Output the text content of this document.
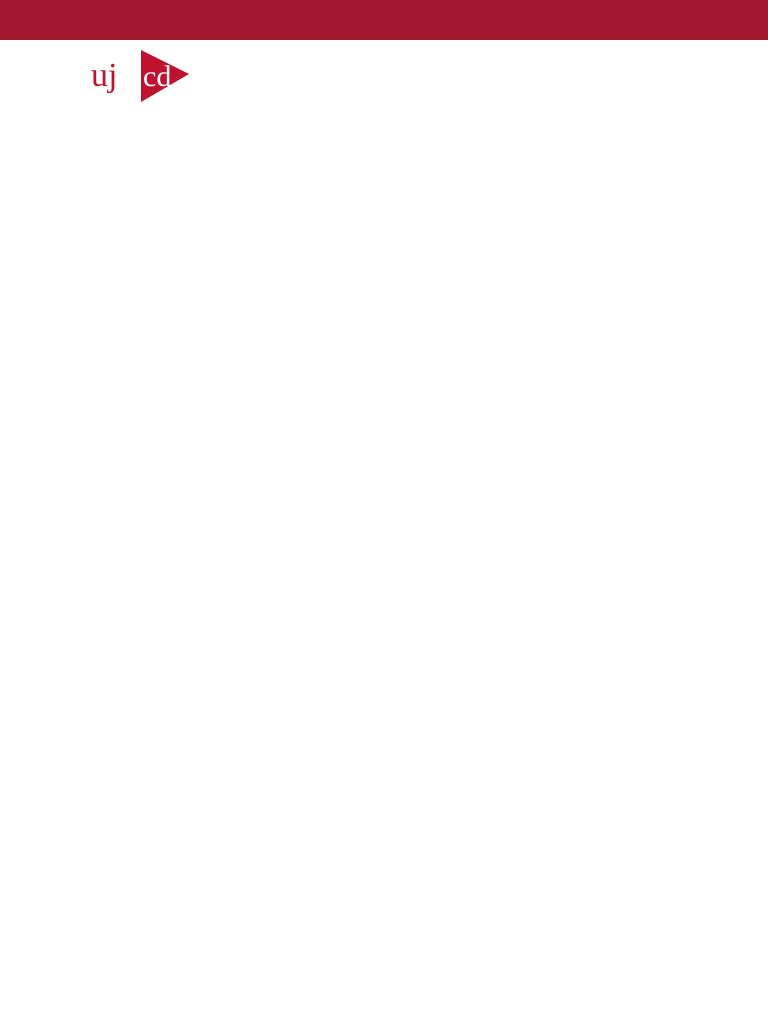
uj cd
